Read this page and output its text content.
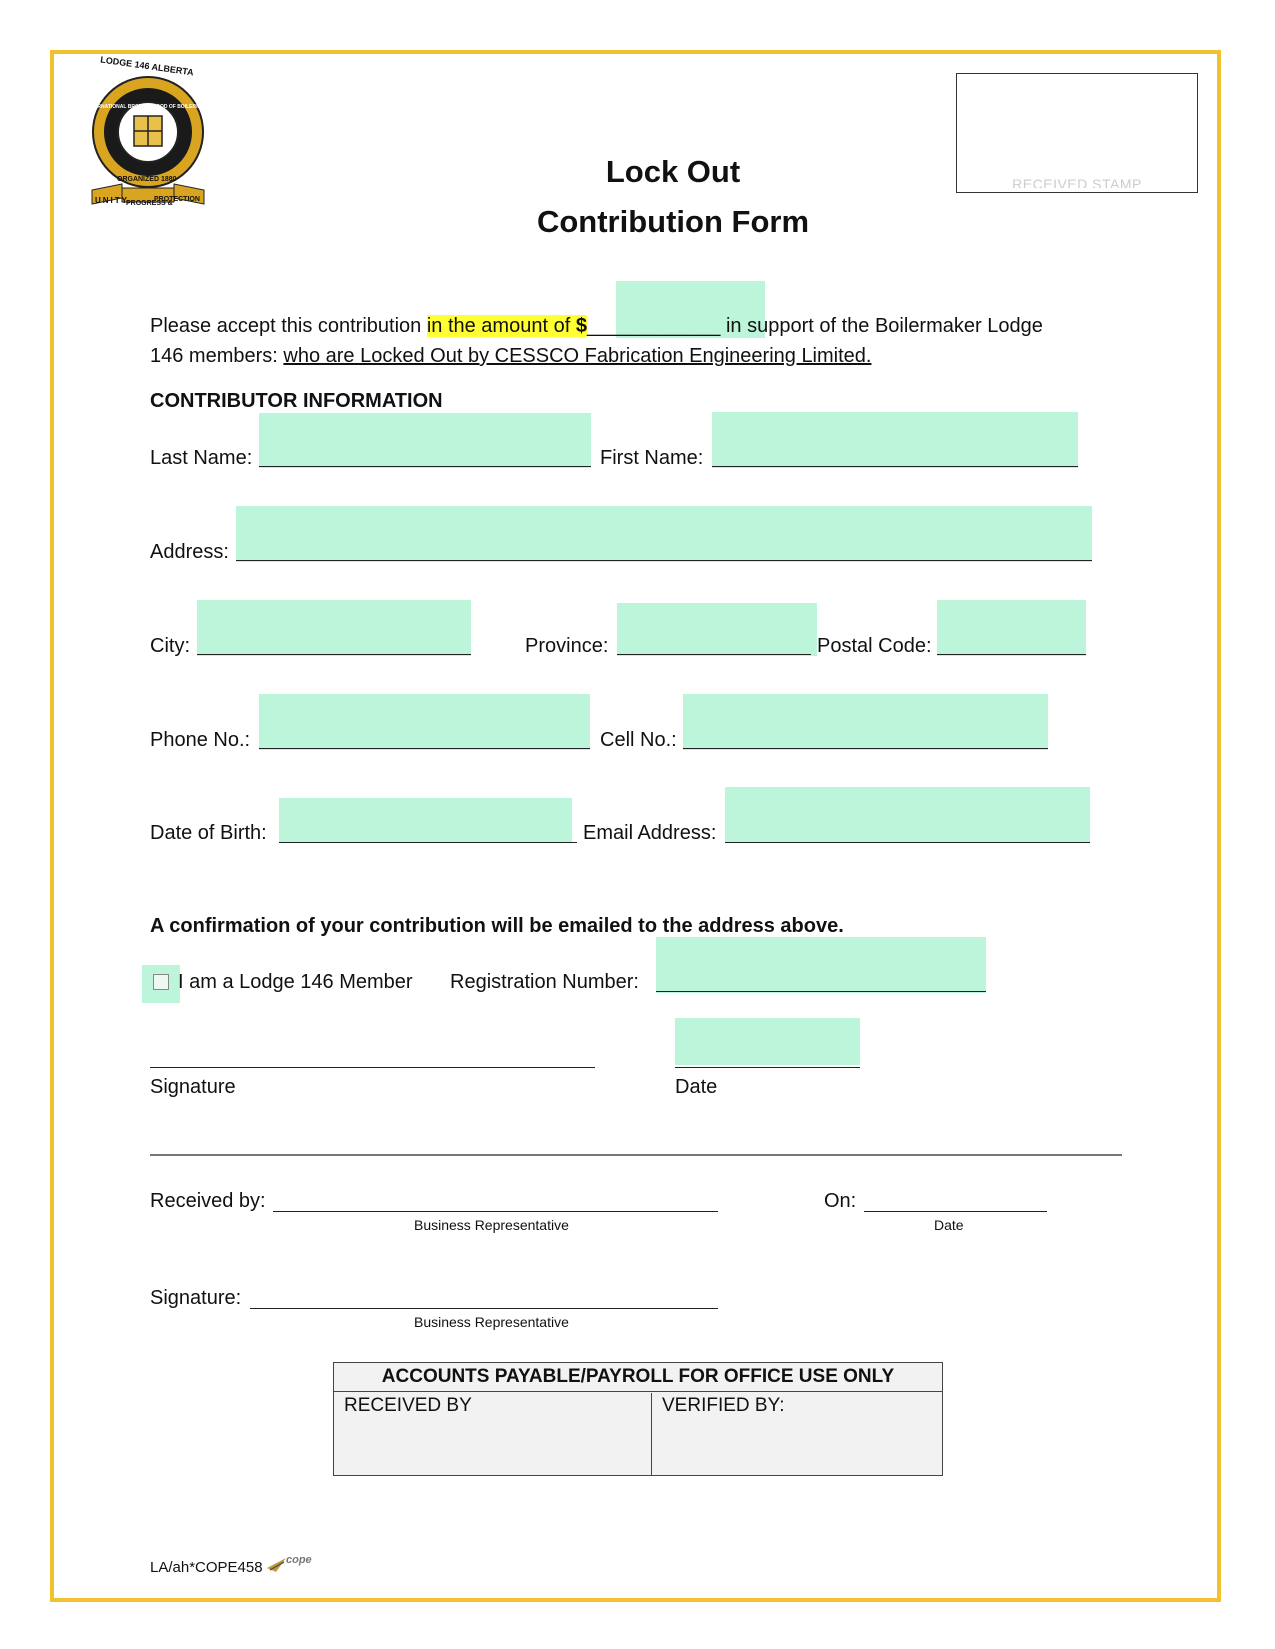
LODGE 146 ALBERTA
INTERNATIONAL BROTHERHOOD OF BOILERMAKERS
ORGANIZED 1880
UNITY
PROGRESS &
PROTECTION
RECEIVED STAMP
Lock Out
Contribution Form
Please accept this contribution in the amount of $____________ in support of the Boilermaker Lodge
146 members: who are Locked Out by CESSCO Fabrication Engineering Limited.
CONTRIBUTOR INFORMATION
Last Name:	First Name:
Address:
City:	Province:	Postal Code:
Phone No.:	Cell No.:
Date of Birth:	Email Address:
A confirmation of your contribution will be emailed to the address above.
I am a Lodge 146 Member Registration Number:
Signature	Date
Received by:
Business Representative
On:
Date
Signature:
Business Representative
ACCOUNTS PAYABLE/PAYROLL FOR OFFICE USE ONLY
RECEIVED BY	VERIFIED BY:
LA/ah*COPE458 cope
